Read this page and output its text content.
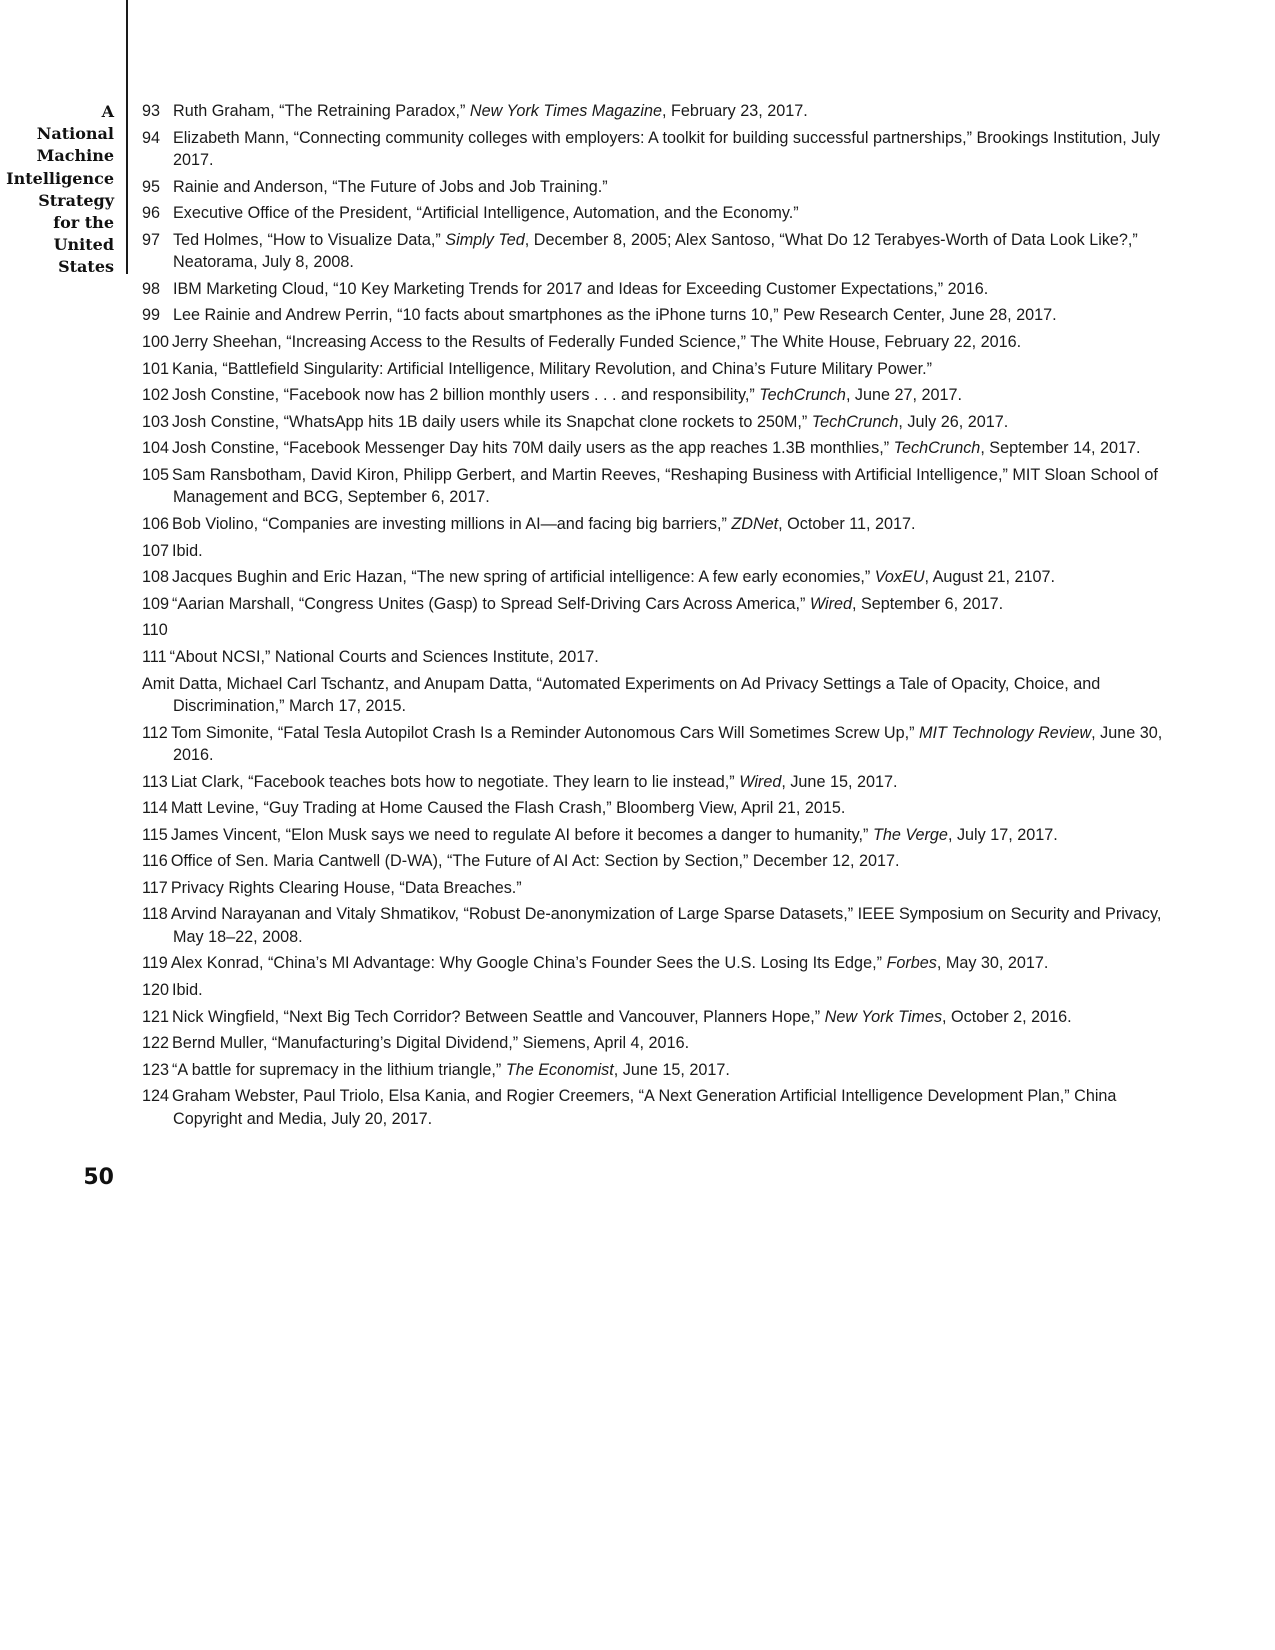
A
National
Machine
Intelligence
Strategy
for the
United
States
50
93 Ruth Graham, “The Retraining Paradox,” New York Times Magazine, February 23, 2017.
94 Elizabeth Mann, “Connecting community colleges with employers: A toolkit for building successful partnerships,” Brookings Institution, July 2017.
95 Rainie and Anderson, “The Future of Jobs and Job Training.”
96 Executive Office of the President, “Artificial Intelligence, Automation, and the Economy.”
97 Ted Holmes, “How to Visualize Data,” Simply Ted, December 8, 2005; Alex Santoso, “What Do 12 Terabyes-Worth of Data Look Like?,” Neatorama, July 8, 2008.
98 IBM Marketing Cloud, “10 Key Marketing Trends for 2017 and Ideas for Exceeding Customer Expectations,” 2016.
99 Lee Rainie and Andrew Perrin, “10 facts about smartphones as the iPhone turns 10,” Pew Research Center, June 28, 2017.
100 Jerry Sheehan, “Increasing Access to the Results of Federally Funded Science,” The White House, February 22, 2016.
101 Kania, “Battlefield Singularity: Artificial Intelligence, Military Revolution, and China’s Future Military Power.”
102 Josh Constine, “Facebook now has 2 billion monthly users . . . and responsibility,” TechCrunch, June 27, 2017.
103 Josh Constine, “WhatsApp hits 1B daily users while its Snapchat clone rockets to 250M,” TechCrunch, July 26, 2017.
104 Josh Constine, “Facebook Messenger Day hits 70M daily users as the app reaches 1.3B monthlies,” TechCrunch, September 14, 2017.
105 Sam Ransbotham, David Kiron, Philipp Gerbert, and Martin Reeves, “Reshaping Business with Artificial Intelligence,” MIT Sloan School of Management and BCG, September 6, 2017.
106 Bob Violino, “Companies are investing millions in AI—and facing big barriers,” ZDNet, October 11, 2017.
107 Ibid.
108 Jacques Bughin and Eric Hazan, “The new spring of artificial intelligence: A few early economies,” VoxEU, August 21, 2107.
109 “Aarian Marshall, “Congress Unites (Gasp) to Spread Self-Driving Cars Across America,” Wired, September 6, 2017.
110
111 “About NCSI,” National Courts and Sciences Institute, 2017.
Amit Datta, Michael Carl Tschantz, and Anupam Datta, “Automated Experiments on Ad Privacy Settings a Tale of Opacity, Choice, and Discrimination,” March 17, 2015.
112 Tom Simonite, “Fatal Tesla Autopilot Crash Is a Reminder Autonomous Cars Will Sometimes Screw Up,” MIT Technology Review, June 30, 2016.
113 Liat Clark, “Facebook teaches bots how to negotiate. They learn to lie instead,” Wired, June 15, 2017.
114 Matt Levine, “Guy Trading at Home Caused the Flash Crash,” Bloomberg View, April 21, 2015.
115 James Vincent, “Elon Musk says we need to regulate AI before it becomes a danger to humanity,” The Verge, July 17, 2017.
116 Office of Sen. Maria Cantwell (D-WA), “The Future of AI Act: Section by Section,” December 12, 2017.
117 Privacy Rights Clearing House, “Data Breaches.”
118 Arvind Narayanan and Vitaly Shmatikov, “Robust De-anonymization of Large Sparse Datasets,” IEEE Symposium on Security and Privacy, May 18–22, 2008.
119 Alex Konrad, “China’s MI Advantage: Why Google China’s Founder Sees the U.S. Losing Its Edge,” Forbes, May 30, 2017.
120 Ibid.
121 Nick Wingfield, “Next Big Tech Corridor? Between Seattle and Vancouver, Planners Hope,” New York Times, October 2, 2016.
122 Bernd Muller, “Manufacturing’s Digital Dividend,” Siemens, April 4, 2016.
123 “A battle for supremacy in the lithium triangle,” The Economist, June 15, 2017.
124 Graham Webster, Paul Triolo, Elsa Kania, and Rogier Creemers, “A Next Generation Artificial Intelligence Development Plan,” China Copyright and Media, July 20, 2017.
